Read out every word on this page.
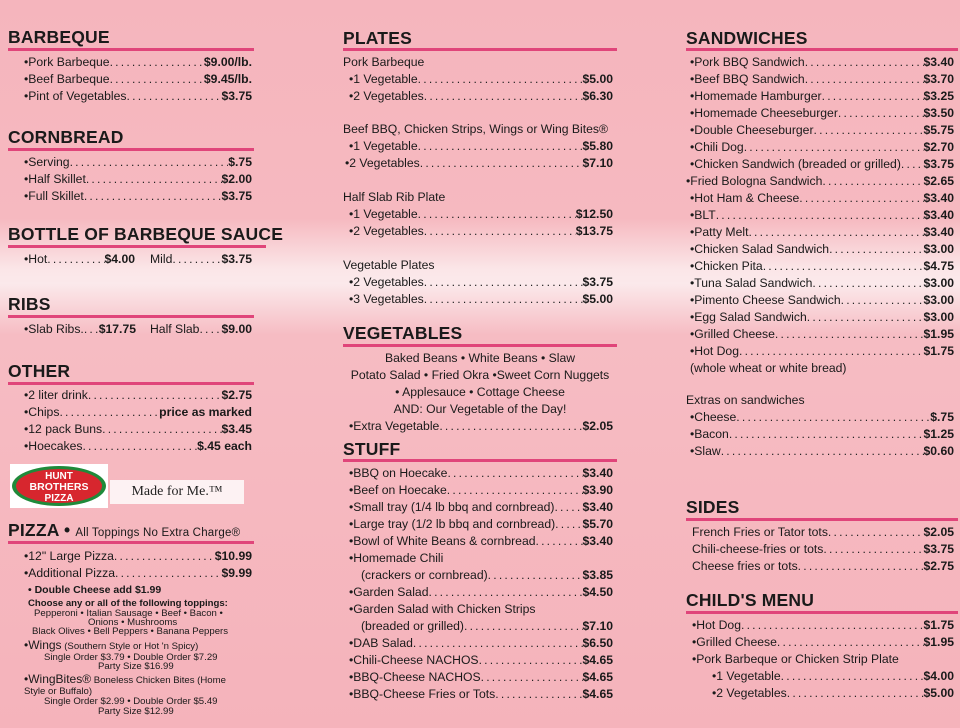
BARBEQUE
•Pork Barbeque .....	$9.00/lb.
•Beef Barbeque .....	$9.45/lb.
•Pint of Vegetables .....	$3.75
CORNBREAD
•Serving .....	$.75
•Half Skillet .....	$2.00
•Full Skillet .....	$3.75
BOTTLE OF BARBEQUE SAUCE
•Hot .....	$4.00 Mild .....	$3.75
RIBS
•Slab Ribs. ..... $17.75 Half Slab ..... $9.00
OTHER
•2 liter drink .....	$2.75
•Chips .....	price as marked
•12 pack Buns .....	$3.45
•Hoecakes .....	$.45 each
HUNT
BROTHERS
PIZZA	Made for Me.™
PIZZA • All Toppings No Extra Charge®
•12" Large Pizza .....	$10.99
•Additional Pizza .....	$9.99
• Double Cheese add $1.99
Choose any or all of the following toppings:
Pepperoni • Italian Sausage • Beef • Bacon •
Onions • Mushrooms
Black Olives • Bell Peppers • Banana Peppers
•Wings (Southern Style or Hot 'n Spicy)
Single Order $3.79 • Double Order $7.29
Party Size $16.99
•WingBites® Boneless Chicken Bites (Home
Style or Buffalo)
Single Order $2.99 • Double Order $5.49
Party Size $12.99
PLATES
Pork Barbeque
•1 Vegetable .....	$5.00
•2 Vegetables .....	$6.30
Beef BBQ, Chicken Strips, Wings or Wing Bites®
•1 Vegetable .....	$5.80
•2 Vegetables .....	$7.10
Half Slab Rib Plate
•1 Vegetable .....	$12.50
•2 Vegetables .....	$13.75
Vegetable Plates
•2 Vegetables .....	$3.75
•3 Vegetables .....	$5.00
VEGETABLES
Baked Beans • White Beans • Slaw
Potato Salad • Fried Okra •Sweet Corn Nuggets
• Applesauce • Cottage Cheese
AND: Our Vegetable of the Day!
•Extra Vegetable .....	$2.05
STUFF
•BBQ on Hoecake .....	$3.40
•Beef on Hoecake .....	$3.90
•Small tray (1/4 lb bbq and cornbread) ..... $3.40
•Large tray (1/2 lb bbq and cornbread) ..... $5.70
•Bowl of White Beans & cornbread .....	$3.40
•Homemade Chili
(crackers or cornbread) .....	$3.85
•Garden Salad .....	$4.50
•Garden Salad with Chicken Strips
(breaded or grilled) .....	$7.10
•DAB Salad .....	$6.50
•Chili-Cheese NACHOS .....	$4.65
•BBQ-Cheese NACHOS .....	$4.65
•BBQ-Cheese Fries or Tots .....	$4.65
SANDWICHES
•Pork BBQ Sandwich .....	$3.40
•Beef BBQ Sandwich .....	$3.70
•Homemade Hamburger .....	$3.25
•Homemade Cheeseburger .....	$3.50
•Double Cheeseburger .....	$5.75
•Chili Dog .....	$2.70
•Chicken Sandwich (breaded or grilled) ..... $3.75
•Fried Bologna Sandwich .....	$2.65
•Hot Ham & Cheese .....	$3.40
•BLT .....	$3.40
•Patty Melt .....	$3.40
•Chicken Salad Sandwich .....	$3.00
•Chicken Pita .....	$4.75
•Tuna Salad Sandwich .....	$3.00
•Pimento Cheese Sandwich .....	$3.00
•Egg Salad Sandwich .....	$3.00
•Grilled Cheese .....	$1.95
•Hot Dog .....	$1.75
(whole wheat or white bread)
Extras on sandwiches
•Cheese .....	$.75
•Bacon .....	$1.25
•Slaw .....	$0.60
SIDES
French Fries or Tator tots .....	$2.05
Chili-cheese-fries or tots .....	$3.75
Cheese fries or tots .....	$2.75
CHILD'S MENU
•Hot Dog .....	$1.75
•Grilled Cheese .....	$1.95
•Pork Barbeque or Chicken Strip Plate
•1 Vegetable .....	$4.00
•2 Vegetables .....	$5.00
